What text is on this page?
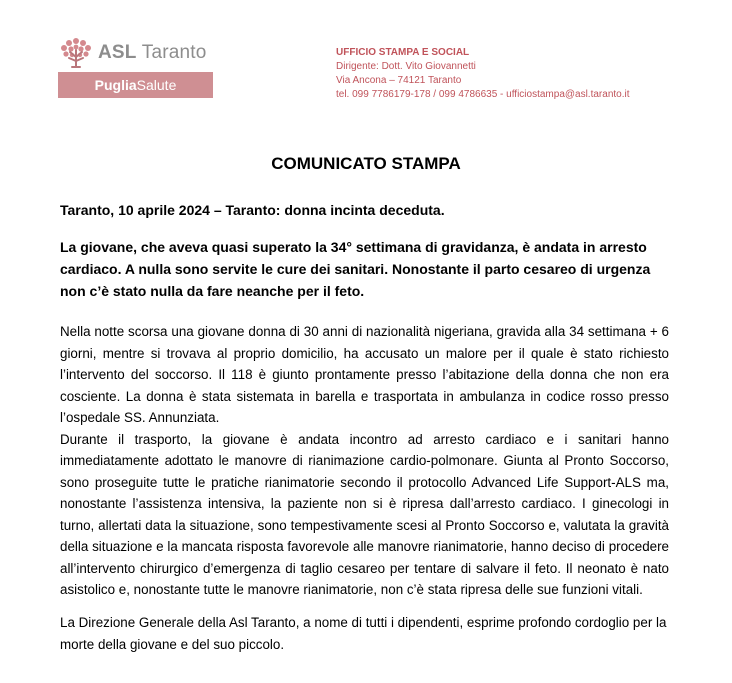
ASL Taranto
Puglia Salute
UFFICIO STAMPA E SOCIAL
Dirigente: Dott. Vito Giovannetti
Via Ancona – 74121 Taranto
tel. 099 7786179-178 / 099 4786635 - ufficiostampa@asl.taranto.it
COMUNICATO STAMPA

Taranto, 10 aprile 2024 – Taranto: donna incinta deceduta.

La giovane, che aveva quasi superato la 34° settimana di gravidanza, è andata in arresto cardiaco. A nulla sono servite le cure dei sanitari. Nonostante il parto cesareo di urgenza non c’è stato nulla da fare neanche per il feto.

Nella notte scorsa una giovane donna di 30 anni di nazionalità nigeriana, gravida alla 34 settimana + 6 giorni, mentre si trovava al proprio domicilio, ha accusato un malore per il quale è stato richiesto l’intervento del soccorso. Il 118 è giunto prontamente presso l’abitazione della donna che non era cosciente. La donna è stata sistemata in barella e trasportata in ambulanza in codice rosso presso l’ospedale SS. Annunziata.

Durante il trasporto, la giovane è andata incontro ad arresto cardiaco e i sanitari hanno immediatamente adottato le manovre di rianimazione cardio-polmonare. Giunta al Pronto Soccorso, sono proseguite tutte le pratiche rianimatorie secondo il protocollo Advanced Life Support-ALS ma, nonostante l’assistenza intensiva, la paziente non si è ripresa dall’arresto cardiaco. I ginecologi in turno, allertati data la situazione, sono tempestivamente scesi al Pronto Soccorso e, valutata la gravità della situazione e la mancata risposta favorevole alle manovre rianimatorie, hanno deciso di procedere all’intervento chirurgico d’emergenza di taglio cesareo per tentare di salvare il feto. Il neonato è nato asistolico e, nonostante tutte le manovre rianimatorie, non c’è stata ripresa delle sue funzioni vitali.

La Direzione Generale della Asl Taranto, a nome di tutti i dipendenti, esprime profondo cordoglio per la morte della giovane e del suo piccolo.
